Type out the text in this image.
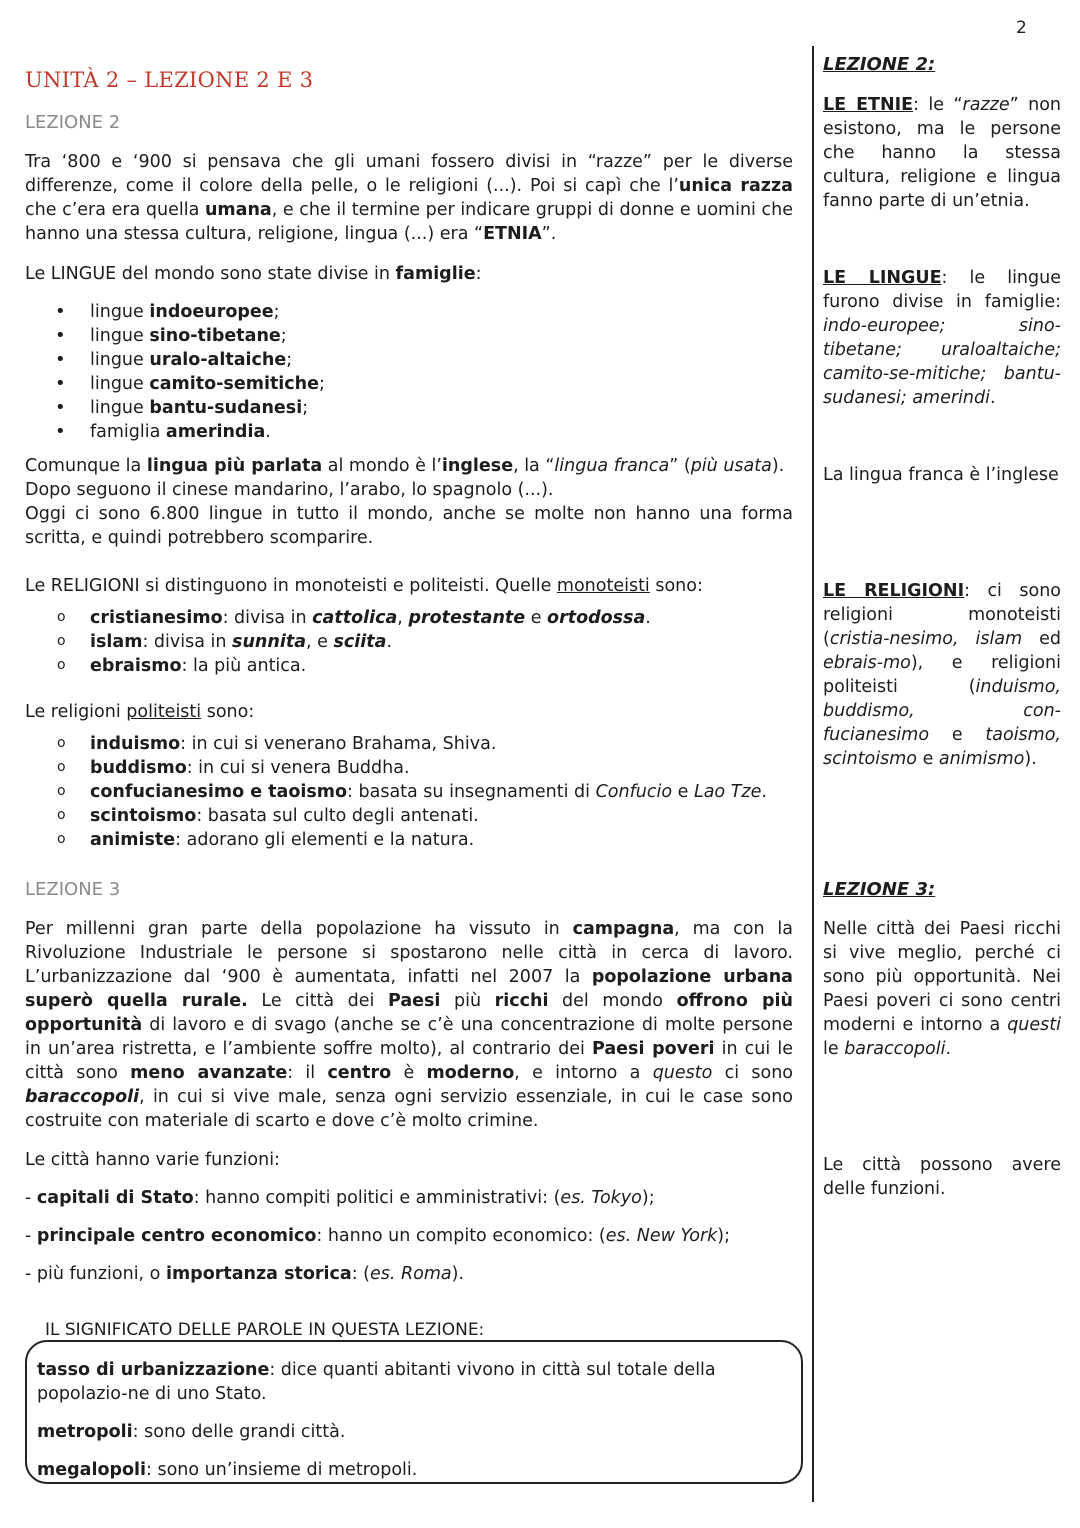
2
UNITÀ 2 – LEZIONE 2 E 3
LEZIONE 2

Tra ‘800 e ‘900 si pensava che gli umani fossero divisi in “razze” per le diverse differenze, come il colore della pelle, o le religioni (...). Poi si capì che l’unica razza che c’era era quella umana, e che il termine per indicare gruppi di donne e uomini che hanno una stessa cultura, religione, lingua (...) era “ETNIA”.

Le LINGUE del mondo sono state divise in famiglie:

• lingue indoeuropee;
• lingue sino-tibetane;
• lingue uralo-altaiche;
• lingue camito-semitiche;
• lingue bantu-sudanesi;
• famiglia amerindia.

Comunque la lingua più parlata al mondo è l’inglese, la “lingua franca” (più usata).
Dopo seguono il cinese mandarino, l’arabo, lo spagnolo (...).
Oggi ci sono 6.800 lingue in tutto il mondo, anche se molte non hanno una forma scritta, e quindi potrebbero scomparire.

Le RELIGIONI si distinguono in monoteisti e politeisti. Quelle monoteisti sono:

o cristianesimo: divisa in cattolica, protestante e ortodossa.
o islam: divisa in sunnita, e sciita.
o ebraismo: la più antica.

Le religioni politeisti sono:

o induismo: in cui si venerano Brahama, Shiva.
o buddismo: in cui si venera Buddha.
o confucianesimo e taoismo: basata su insegnamenti di Confucio e Lao Tze.
o scintoismo: basata sul culto degli antenati.
o animiste: adorano gli elementi e la natura.
LEZIONE 3

Per millenni gran parte della popolazione ha vissuto in campagna, ma con la Rivoluzione Industriale le persone si spostarono nelle città in cerca di lavoro. L’urbanizzazione dal ‘900 è aumentata, infatti nel 2007 la popolazione urbana superò quella rurale. Le città dei Paesi più ricchi del mondo offrono più opportunità di lavoro e di svago (anche se c’è una concentrazione di molte persone in un’area ristretta, e l’ambiente soffre molto), al contrario dei Paesi poveri in cui le città sono meno avanzate: il centro è moderno, e intorno a questo ci sono baraccopoli, in cui si vive male, senza ogni servizio essenziale, in cui le case sono costruite con materiale di scarto e dove c’è molto crimine.

Le città hanno varie funzioni:

- capitali di Stato: hanno compiti politici e amministrativi: (es. Tokyo);

- principale centro economico: hanno un compito economico: (es. New York);

- più funzioni, o importanza storica: (es. Roma).

IL SIGNIFICATO DELLE PAROLE IN QUESTA LEZIONE:

tasso di urbanizzazione: dice quanti abitanti vivono in città sul totale della popolazio-ne di uno Stato.

metropoli: sono delle grandi città.

megalopoli: sono un’insieme di metropoli.

LEZIONE 2:

LE ETNIE: le “razze” non esistono, ma le persone che hanno la stessa cultura, religione e lingua fanno parte di un’etnia.

LE LINGUE: le lingue furono divise in famiglie: indo-europee; sino-tibetane; uraloaltaiche; camito-se-mitiche; bantu-sudanesi; amerindi.

La lingua franca è l’inglese

LE RELIGIONI: ci sono religioni monoteisti (cristia-nesimo, islam ed ebrais-mo), e religioni politeisti (induismo, buddismo, con-fucianesimo e taoismo, scintoismo e animismo).

LEZIONE 3:

Nelle città dei Paesi ricchi si vive meglio, perché ci sono più opportunità. Nei Paesi poveri ci sono centri moderni e intorno a questi le baraccopoli.

Le città possono avere delle funzioni.
